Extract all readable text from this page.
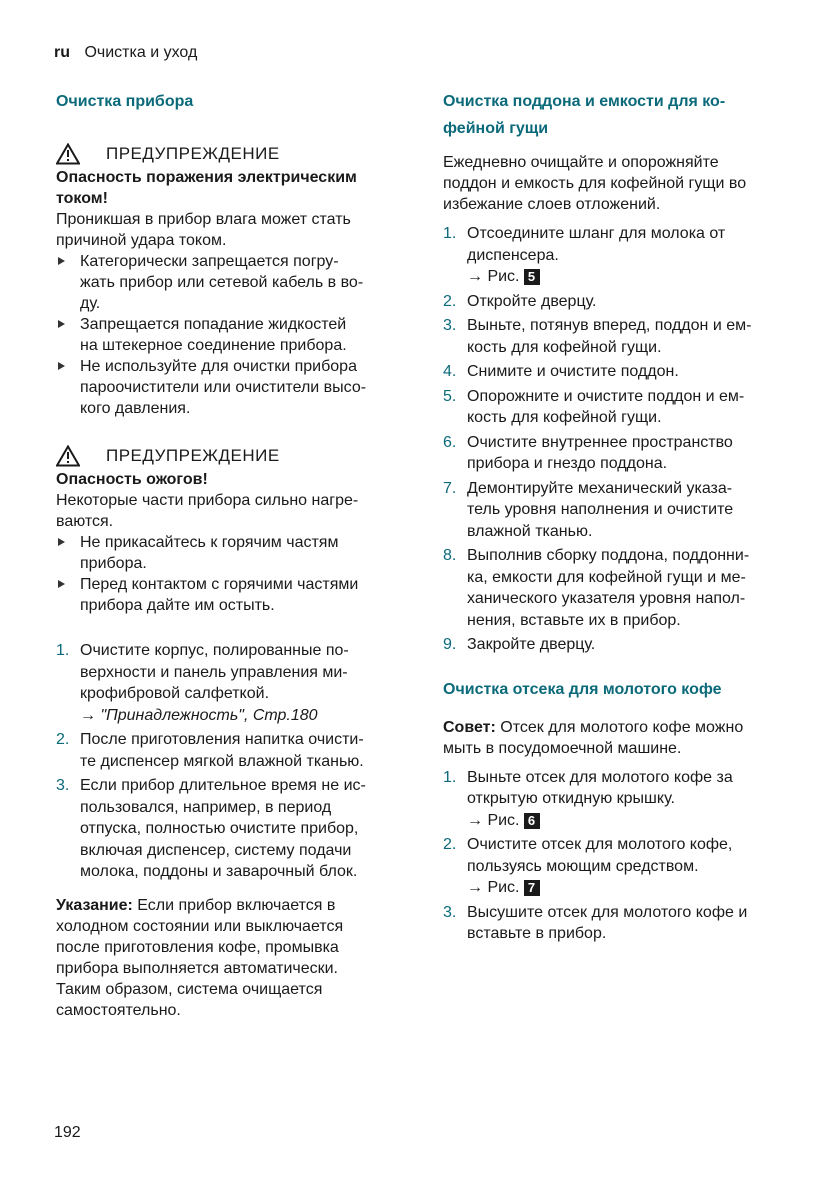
ru Очистка и уход

Очистка прибора

ПРЕДУПРЕЖДЕНИЕ
Опасность поражения электрическим
током!
Проникшая в прибор влага может стать
причиной удара током.
Категорически запрещается погру-
жать прибор или сетевой кабель в во-
ду.
Запрещается попадание жидкостей
на штекерное соединение прибора.
Не используйте для очистки прибора
пароочистители или очистители высо-
кого давления.
ПРЕДУПРЕЖДЕНИЕ
Опасность ожогов!
Некоторые части прибора сильно нагре-
ваются.
Не прикасайтесь к горячим частям
прибора.
Перед контактом с горячими частями
прибора дайте им остыть.
1. Очистите корпус, полированные по-
верхности и панель управления ми-
крофибровой салфеткой.
→ "Принадлежность", Стр.180
2. После приготовления напитка очисти-
те диспенсер мягкой влажной тканью.
3. Если прибор длительное время не ис-
пользовался, например, в период
отпуска, полностью очистите прибор,
включая диспенсер, систему подачи
молока, поддоны и заварочный блок.
Указание: Если прибор включается в
холодном состоянии или выключается
после приготовления кофе, промывка
прибора выполняется автоматически.
Таким образом, система очищается
самостоятельно.
Очистка поддона и емкости для ко-
фейной гущи
Ежедневно очищайте и опорожняйте
поддон и емкость для кофейной гущи во
избежание слоев отложений.
1. Отсоедините шланг для молока от
диспенсера.
→ Рис. 5
2. Откройте дверцу.
3. Выньте, потянув вперед, поддон и ем-
кость для кофейной гущи.
4. Снимите и очистите поддон.
5. Опорожните и очистите поддон и ем-
кость для кофейной гущи.
6. Очистите внутреннее пространство
прибора и гнездо поддона.
7. Демонтируйте механический указа-
тель уровня наполнения и очистите
влажной тканью.
8. Выполнив сборку поддона, поддонни-
ка, емкости для кофейной гущи и ме-
ханического указателя уровня напол-
нения, вставьте их в прибор.
9. Закройте дверцу.

Очистка отсека для молотого кофе

Совет: Отсек для молотого кофе можно
мыть в посудомоечной машине.
1. Выньте отсек для молотого кофе за
открытую откидную крышку.
→ Рис. 6
2. Очистите отсек для молотого кофе,
пользуясь моющим средством.
→ Рис. 7
3. Высушите отсек для молотого кофе и
вставьте в прибор.
192
